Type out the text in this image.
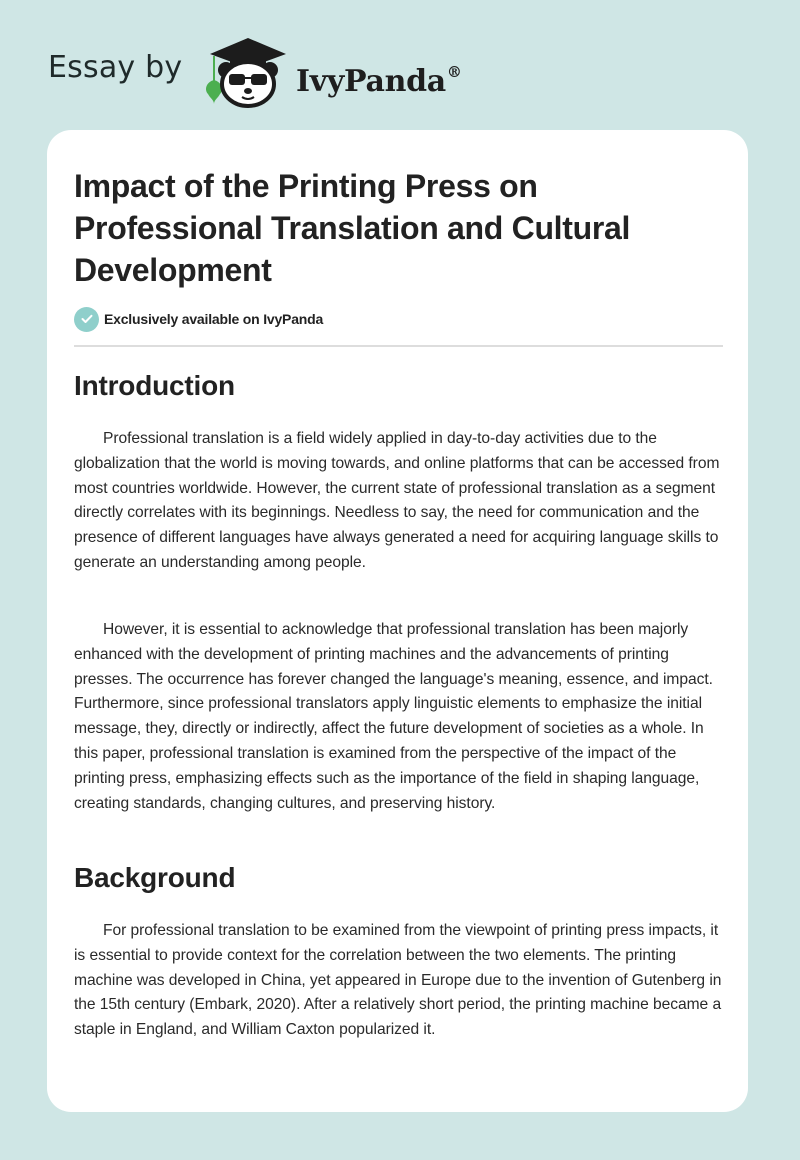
Essay by	IvyPanda®
Impact of the Printing Press on Professional Translation and Cultural Development
Exclusively available on IvyPanda
Introduction

Professional translation is a field widely applied in day-to-day activities due to the globalization that the world is moving towards, and online platforms that can be accessed from most countries worldwide. However, the current state of professional translation as a segment directly correlates with its beginnings. Needless to say, the need for communication and the presence of different languages have always generated a need for acquiring language skills to generate an understanding among people.

However, it is essential to acknowledge that professional translation has been majorly enhanced with the development of printing machines and the advancements of printing presses. The occurrence has forever changed the language's meaning, essence, and impact. Furthermore, since professional translators apply linguistic elements to emphasize the initial message, they, directly or indirectly, affect the future development of societies as a whole. In this paper, professional translation is examined from the perspective of the impact of the printing press, emphasizing effects such as the importance of the field in shaping language, creating standards, changing cultures, and preserving history.

Background

For professional translation to be examined from the viewpoint of printing press impacts, it is essential to provide context for the correlation between the two elements. The printing machine was developed in China, yet appeared in Europe due to the invention of Gutenberg in the 15th century (Embark, 2020). After a relatively short period, the printing machine became a staple in England, and William Caxton popularized it.
